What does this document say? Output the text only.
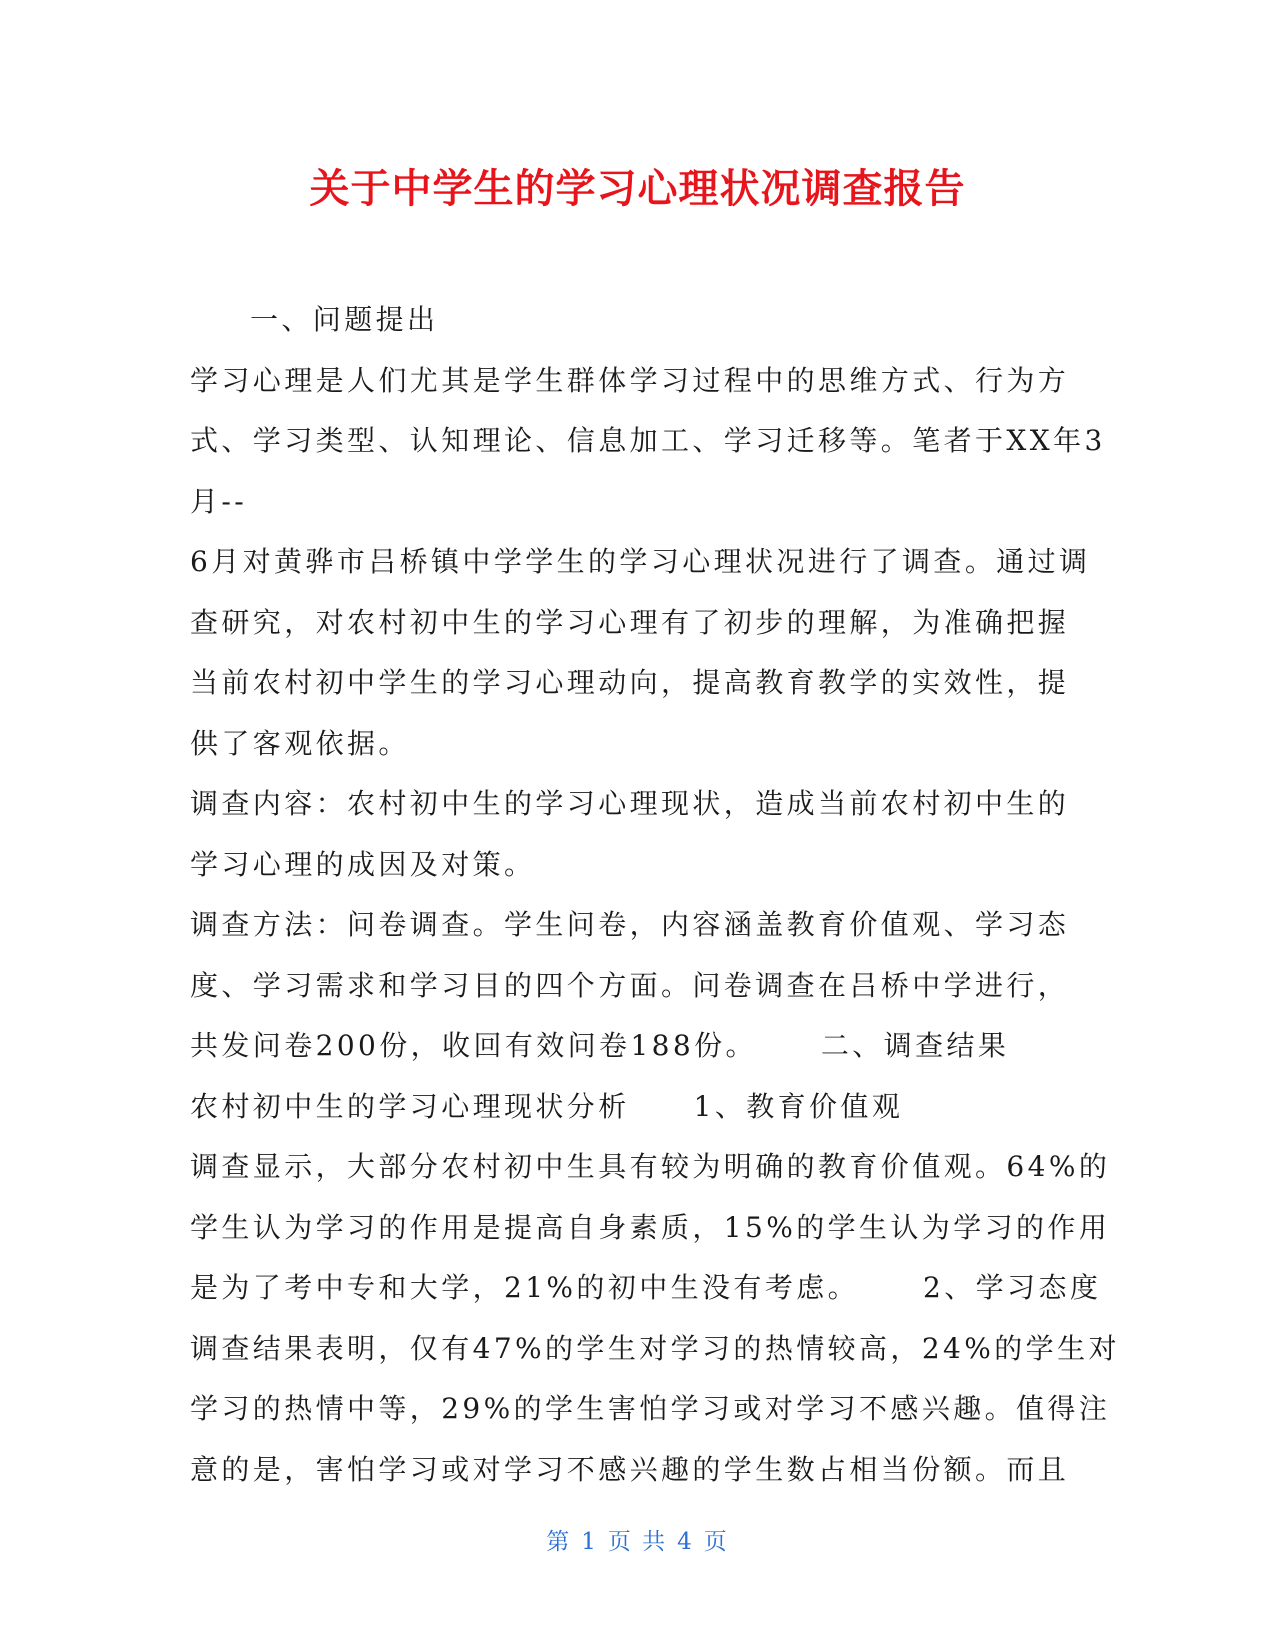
关于中学生的学习心理状况调查报告
一、问题提出
学习心理是人们尤其是学生群体学习过程中的思维方式、行为方
式、学习类型、认知理论、信息加工、学习迁移等。笔者于XX年3
月--
6月对黄骅市吕桥镇中学学生的学习心理状况进行了调查。通过调
查研究，对农村初中生的学习心理有了初步的理解，为准确把握
当前农村初中学生的学习心理动向，提高教育教学的实效性，提
供了客观依据。
调查内容：农村初中生的学习心理现状，造成当前农村初中生的
学习心理的成因及对策。
调查方法：问卷调查。学生问卷，内容涵盖教育价值观、学习态
度、学习需求和学习目的四个方面。问卷调查在吕桥中学进行，
共发问卷200份，收回有效问卷188份。 二、调查结果
农村初中生的学习心理现状分析 1、教育价值观
调查显示，大部分农村初中生具有较为明确的教育价值观。64%的
学生认为学习的作用是提高自身素质，15%的学生认为学习的作用
是为了考中专和大学，21%的初中生没有考虑。 2、学习态度
调查结果表明，仅有47%的学生对学习的热情较高，24%的学生对
学习的热情中等，29%的学生害怕学习或对学习不感兴趣。值得注
意的是，害怕学习或对学习不感兴趣的学生数占相当份额。而且
第 1 页 共 4 页
